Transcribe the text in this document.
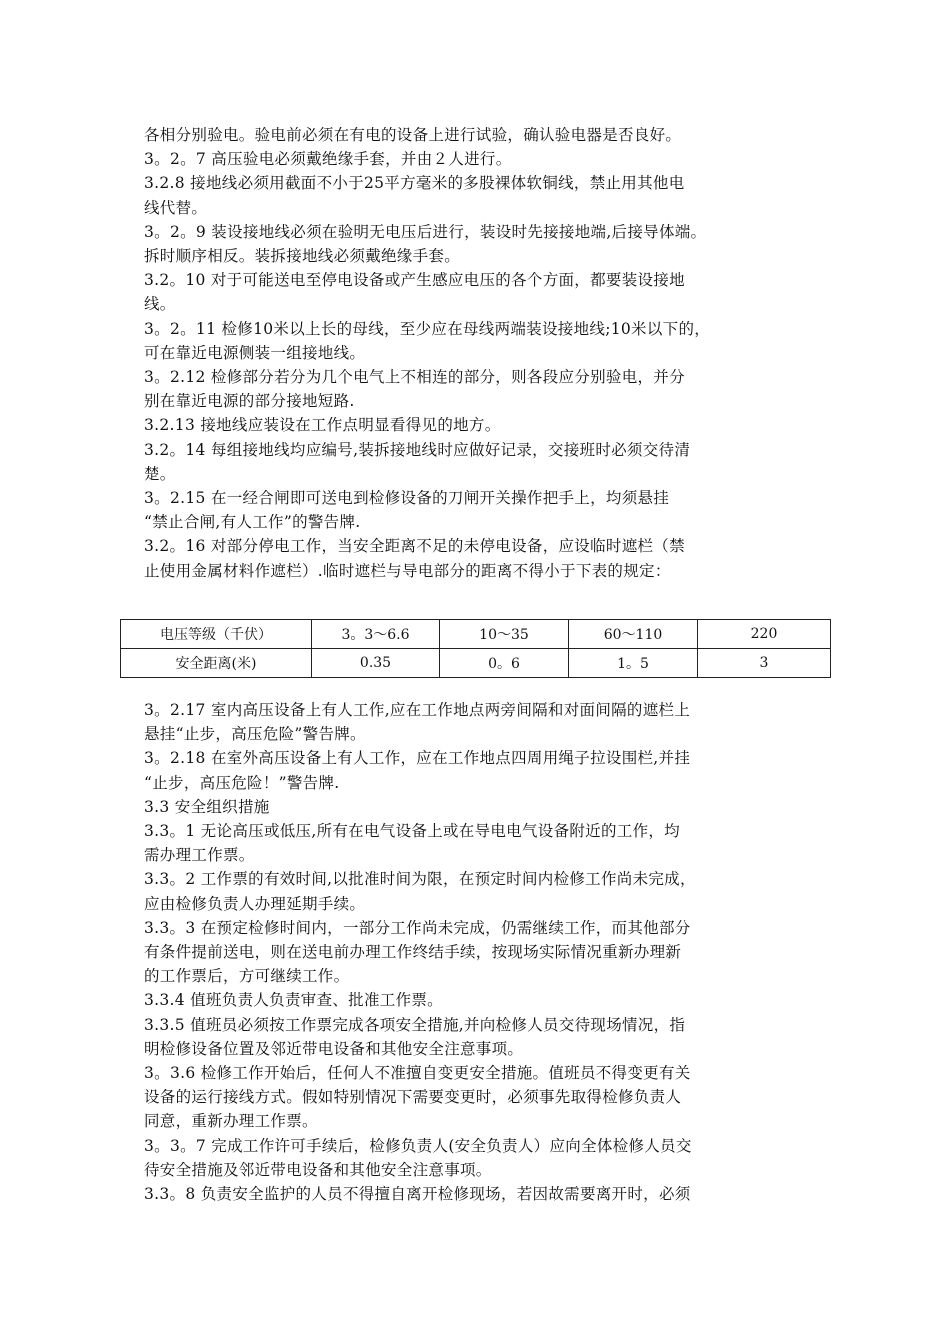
各相分别验电。验电前必须在有电的设备上进行试验，确认验电器是否良好。
3。2。7 高压验电必须戴绝缘手套，并由２人进行。
3.2.8 接地线必须用截面不小于25平方毫米的多股裸体软铜线，禁止用其他电
线代替。
3。2。9 装设接地线必须在验明无电压后进行，装设时先接接地端,后接导体端。
拆时顺序相反。装拆接地线必须戴绝缘手套。
3.2。10 对于可能送电至停电设备或产生感应电压的各个方面，都要装设接地
线。
3。2。11 检修10米以上长的母线，至少应在母线两端装设接地线;10米以下的，
可在靠近电源侧装一组接地线。
3。2.12 检修部分若分为几个电气上不相连的部分，则各段应分别验电，并分
别在靠近电源的部分接地短路.
3.2.13 接地线应装设在工作点明显看得见的地方。
3.2。14 每组接地线均应编号,装拆接地线时应做好记录，交接班时必须交待清
楚。
3。2.15 在一经合闸即可送电到检修设备的刀闸开关操作把手上，均须悬挂
“禁止合闸,有人工作”的警告牌.
3.2。16 对部分停电工作，当安全距离不足的未停电设备，应设临时遮栏（禁
止使用金属材料作遮栏）.临时遮栏与导电部分的距离不得小于下表的规定：
电压等级（千伏）	3。3～6.6	10～35	60～110	220
安全距离(米)	0.35	0。6	1。5	3
3。2.17 室内高压设备上有人工作,应在工作地点两旁间隔和对面间隔的遮栏上
悬挂“止步，高压危险”警告牌。
3。2.18 在室外高压设备上有人工作，应在工作地点四周用绳子拉设围栏,并挂
“止步，高压危险！”警告牌.
3.3 安全组织措施
3.3。1 无论高压或低压,所有在电气设备上或在导电电气设备附近的工作，均
需办理工作票。
3.3。2 工作票的有效时间,以批准时间为限，在预定时间内检修工作尚未完成，
应由检修负责人办理延期手续。
3.3。3 在预定检修时间内，一部分工作尚未完成，仍需继续工作，而其他部分
有条件提前送电，则在送电前办理工作终结手续，按现场实际情况重新办理新
的工作票后，方可继续工作。
3.3.4 值班负责人负责审查、批准工作票。
3.3.5 值班员必须按工作票完成各项安全措施,并向检修人员交待现场情况，指
明检修设备位置及邻近带电设备和其他安全注意事项。
3。3.6 检修工作开始后，任何人不准擅自变更安全措施。值班员不得变更有关
设备的运行接线方式。假如特别情况下需要变更时，必须事先取得检修负责人
同意，重新办理工作票。
3。3。7 完成工作许可手续后，检修负责人(安全负责人）应向全体检修人员交
待安全措施及邻近带电设备和其他安全注意事项。
3.3。8 负责安全监护的人员不得擅自离开检修现场，若因故需要离开时，必须
